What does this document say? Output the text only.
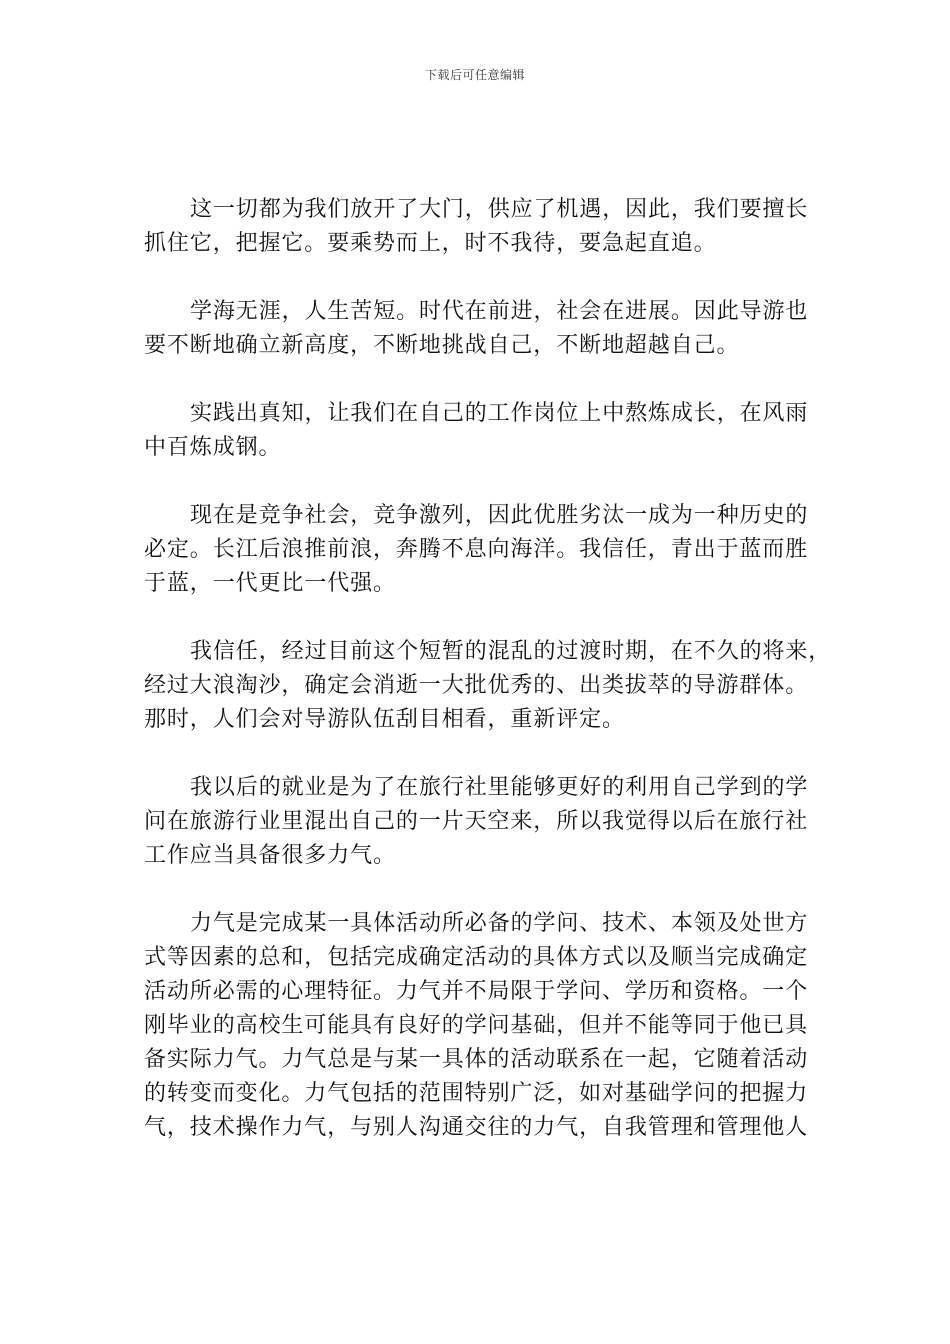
下载后可任意编辑

这一切都为我们放开了大门，供应了机遇，因此，我们要擅长
抓住它，把握它。要乘势而上，时不我待，要急起直追。

学海无涯，人生苦短。时代在前进，社会在进展。因此导游也
要不断地确立新高度，不断地挑战自己，不断地超越自己。

实践出真知，让我们在自己的工作岗位上中熬炼成长，在风雨
中百炼成钢。

现在是竞争社会，竞争激列，因此优胜劣汰一成为一种历史的
必定。长江后浪推前浪，奔腾不息向海洋。我信任，青出于蓝而胜
于蓝，一代更比一代强。

我信任，经过目前这个短暂的混乱的过渡时期，在不久的将来，
经过大浪淘沙，确定会消逝一大批优秀的、出类拔萃的导游群体。
那时，人们会对导游队伍刮目相看，重新评定。

我以后的就业是为了在旅行社里能够更好的利用自己学到的学
问在旅游行业里混出自己的一片天空来，所以我觉得以后在旅行社
工作应当具备很多力气。

力气是完成某一具体活动所必备的学问、技术、本领及处世方
式等因素的总和，包括完成确定活动的具体方式以及顺当完成确定
活动所必需的心理特征。力气并不局限于学问、学历和资格。一个
刚毕业的高校生可能具有良好的学问基础，但并不能等同于他已具
备实际力气。力气总是与某一具体的活动联系在一起，它随着活动
的转变而变化。力气包括的范围特别广泛，如对基础学问的把握力
气，技术操作力气，与别人沟通交往的力气，自我管理和管理他人
